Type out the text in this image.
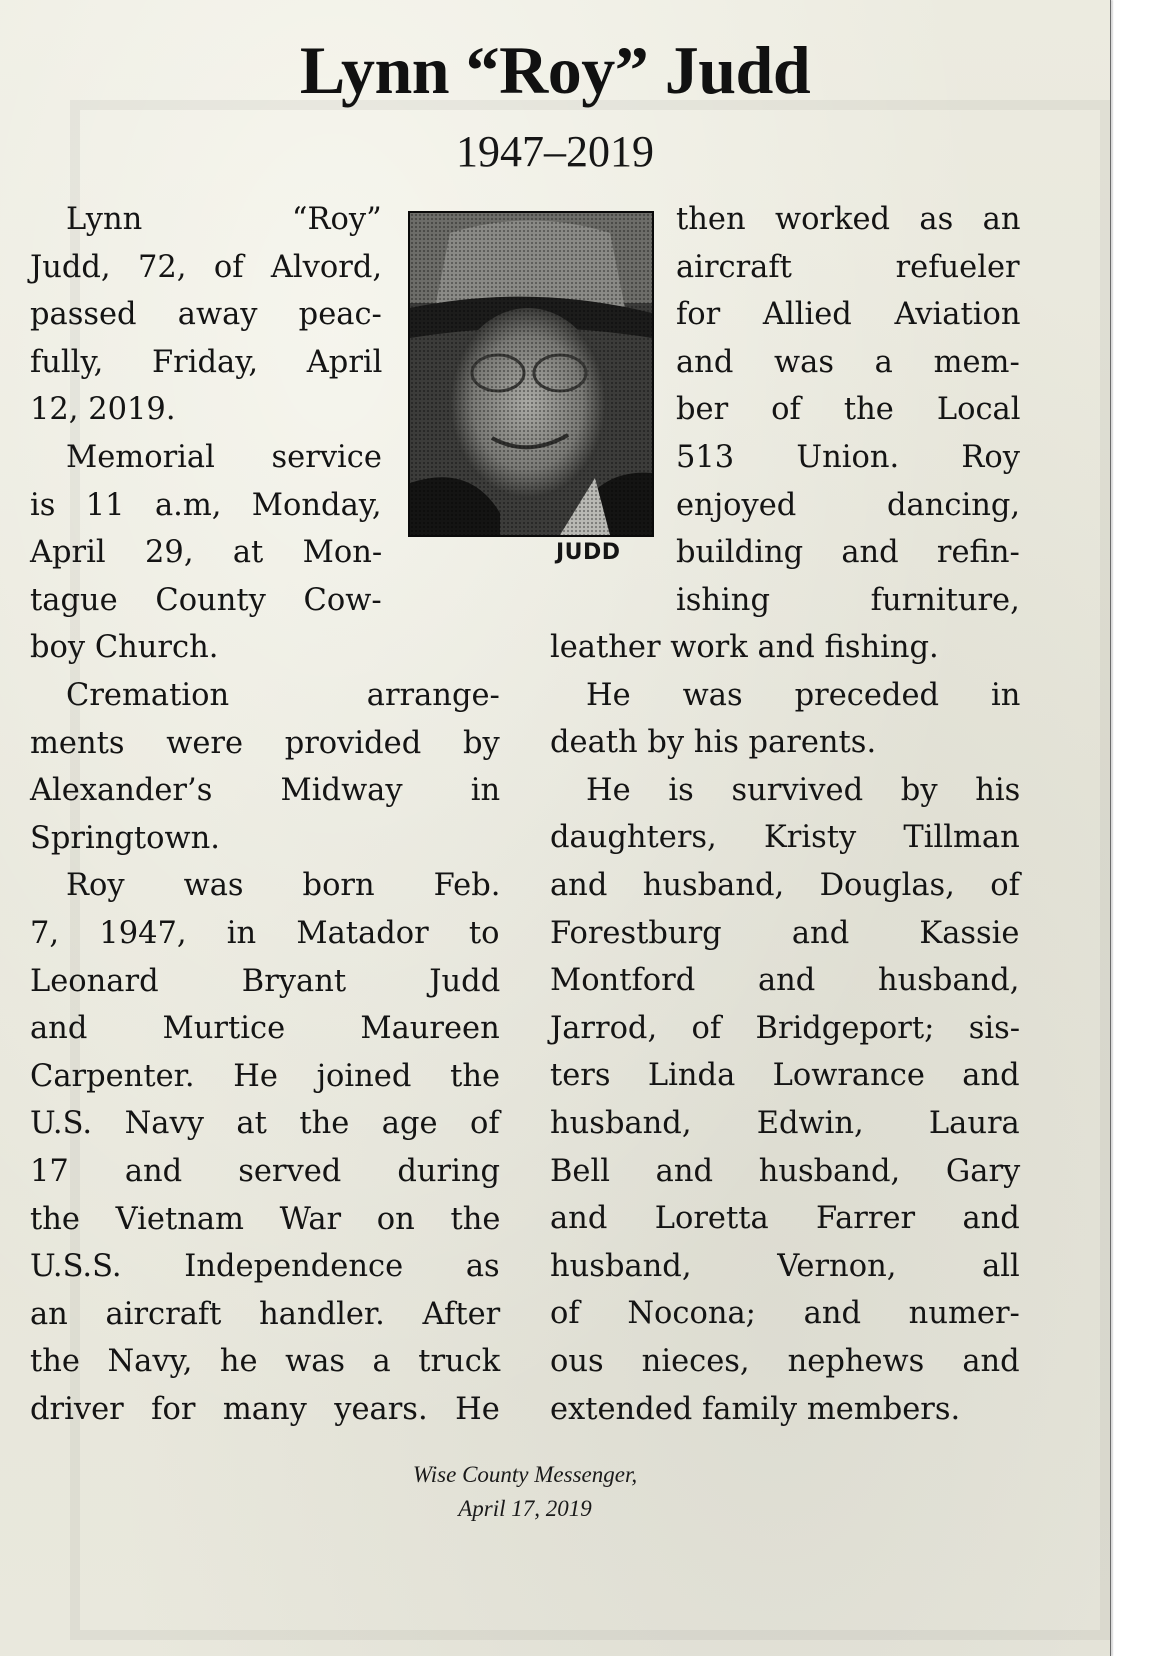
Lynn “Roy” Judd
1947–2019
Lynn “Roy”
Judd, 72, of Alvord,
passed away peac-
fully, Friday, April
12, 2019.
Memorial service
is 11 a.m, Monday,
April 29, at Mon-
tague County Cow-
boy Church.
JUDD
then worked as an
aircraft refueler
for Allied Aviation
and was a mem-
ber of the Local
513 Union. Roy
enjoyed dancing,
building and refin-
ishing furniture,
Cremation arrange-
ments were provided by
Alexander’s Midway in
Springtown.
Roy was born Feb.
7, 1947, in Matador to
Leonard Bryant Judd
and Murtice Maureen
Carpenter. He joined the
U.S. Navy at the age of
17 and served during
the Vietnam War on the
U.S.S. Independence as
an aircraft handler. After
the Navy, he was a truck
driver for many years. He
leather work and fishing.
He was preceded in
death by his parents.
He is survived by his
daughters, Kristy Tillman
and husband, Douglas, of
Forestburg and Kassie
Montford and husband,
Jarrod, of Bridgeport; sis-
ters Linda Lowrance and
husband, Edwin, Laura
Bell and husband, Gary
and Loretta Farrer and
husband, Vernon, all
of Nocona; and numer-
ous nieces, nephews and
extended family members.
Wise County Messenger,
April 17, 2019
